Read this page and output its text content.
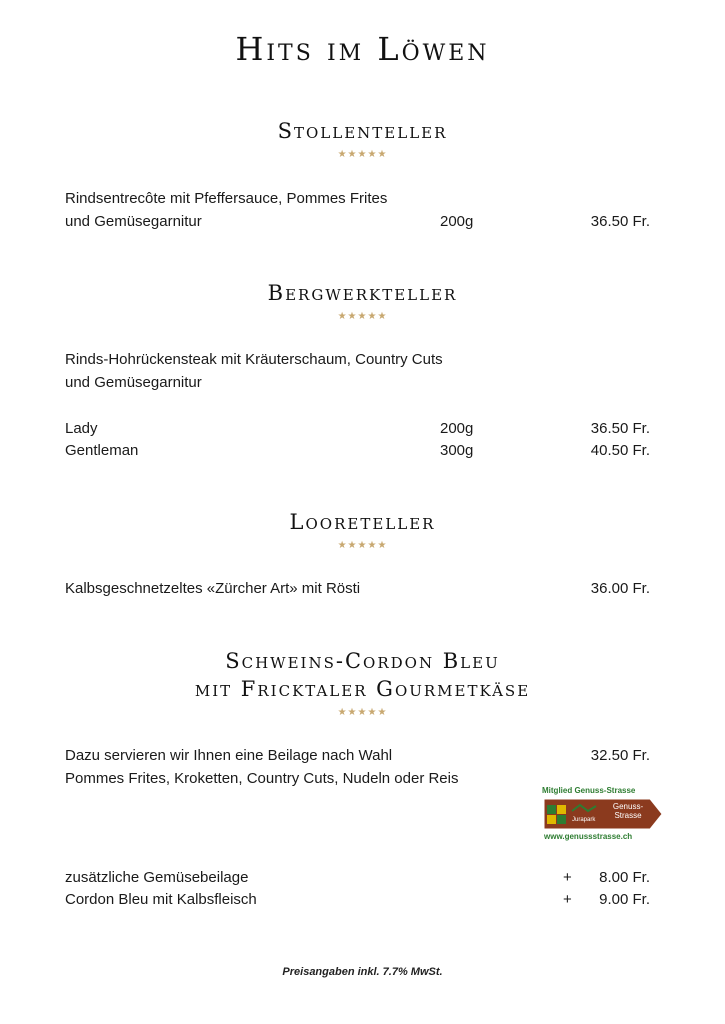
Hits im Löwen
Stollenteller
★★★★★
Rindsentrecôte mit Pfeffersauce, Pommes Frites
und Gemüsegarnitur	200g	36.50 Fr.
Bergwerkteller
★★★★★
Rinds-Hohrückensteak mit Kräuterschaum, Country Cuts
und Gemüsegarnitur
Lady	200g	36.50 Fr.
Gentleman	300g	40.50 Fr.
Looreteller
★★★★★
Kalbsgeschnetzeltes «Zürcher Art» mit Rösti	36.00 Fr.
Schweins-Cordon Bleu
mit Fricktaler Gourmetkäse
★★★★★
Dazu servieren wir Ihnen eine Beilage nach Wahl	32.50 Fr.
Pommes Frites, Kroketten, Country Cuts, Nudeln oder Reis
Mitglied Genuss-Strasse
Jurapark
Genuss-
Strasse
www.genussstrasse.ch
zusätzliche Gemüsebeilage	+ 8.00 Fr.
Cordon Bleu mit Kalbsfleisch	+ 9.00 Fr.
Preisangaben inkl. 7.7% MwSt.
